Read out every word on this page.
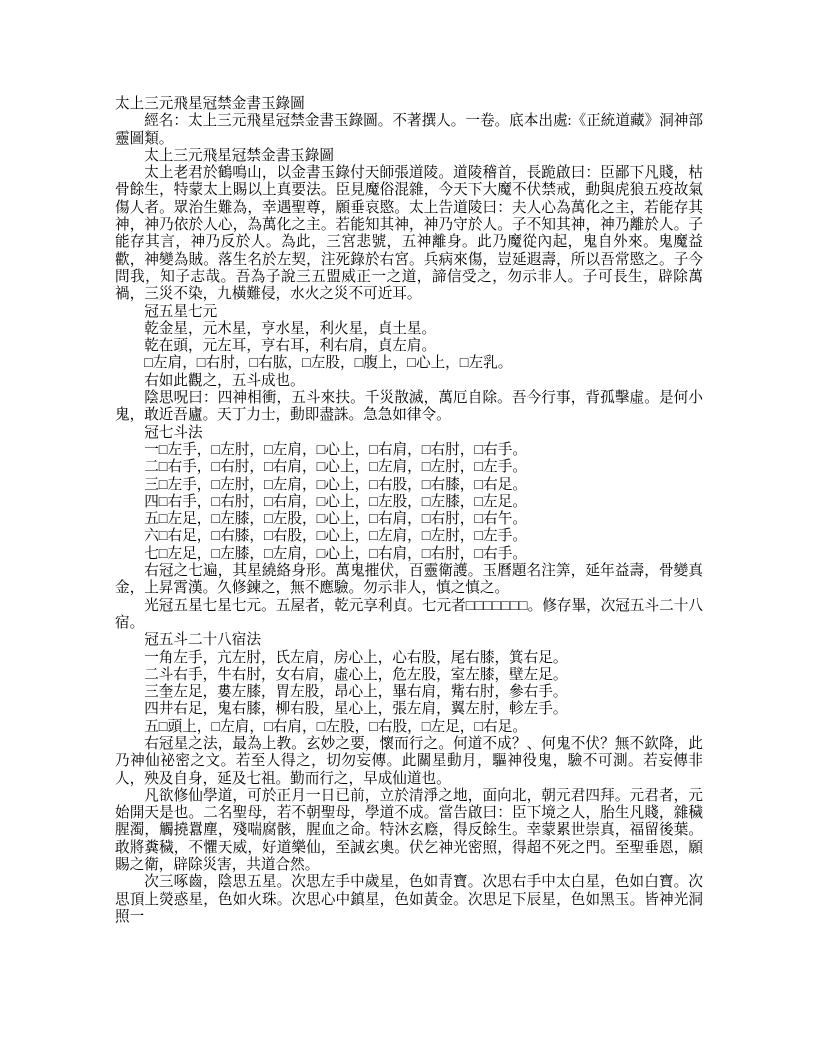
太上三元飛星冠禁金書玉錄圖

經名：太上三元飛星冠禁金書玉錄圖。不著撰人。一卷。底本出處:《正統道藏》洞神部靈圖類。

太上三元飛星冠禁金書玉錄圖

太上老君於鶴鳴山，以金書玉錄付天師張道陵。道陵稽首，長跪啟曰：臣鄙下凡賤，枯骨餘生，特蒙太上賜以上真要法。臣見魔俗混雜，今天下大魔不伏禁戒，動與虎狼五疫故氣傷人者。眾治生難為，幸遇聖尊，願垂哀愍。太上告道陵曰：夫人心為萬化之主，若能存其神，神乃依於人心，為萬化之主。若能知其神，神乃守於人。子不知其神，神乃離於人。子能存其言，神乃反於人。為此，三宮悲號，五神離身。此乃魔從內起，鬼自外來。鬼魔益歡，神變為賊。落生名於左契，注死錄於右宮。兵病來傷，豈延遐壽，所以吾常愍之。子今問我，知子志哉。吾為子說三五盟威正一之道，諦信受之，勿示非人。子可長生，辟除萬禍，三災不染，九橫難侵，水火之災不可近耳。

冠五星七元

乾金星，元木星，亨水星，利火星，貞土星。

乾在頭，元左耳，亨右耳，利右肩，貞左肩。

□左肩，□右肘，□右肱，□左股，□腹上，□心上，□左乳。

右如此觀之，五斗成也。

陰思呪曰：四神相衝，五斗來扶。千災散滅，萬厄自除。吾今行事，背孤擊虛。是何小鬼，敢近吾廬。天丁力士，動即盡誅。急急如律令。

冠七斗法

一□左手，□左肘，□左肩，□心上，□右肩，□右肘，□右手。

二□右手，□右肘，□右肩，□心上，□左肩，□左肘，□左手。

三□左手，□左肘，□左肩，□心上，□右股，□右膝，□右足。

四□右手，□右肘，□右肩，□心上，□左股，□左膝，□左足。

五□左足，□左膝，□左股，□心上，□右肩，□右肘，□右午。

六□右足，□右膝，□右股，□心上，□左肩，□左肘，□左手。

七□左足，□左膝，□左肩，□心上，□右肩，□右肘，□右手。

右冠之七遍，其星繞絡身形。萬鬼摧伏，百靈衛護。玉曆題名注筭，延年益壽，骨變真金，上昇霄漢。久修鍊之，無不應驗。勿示非人，慎之慎之。

光冠五星七星七元。五屋者，乾元享利貞。七元者□□□□□□□。修存畢，次冠五斗二十八宿。

冠五斗二十八宿法

一角左手，亢左肘，氏左肩，房心上，心右股，尾右膝，箕右足。

二斗右手，牛右肘，女右肩，虛心上，危左股，室左膝，壁左足。

三奎左足，婁左膝，胃左股，昂心上，畢右肩，觜右肘，參右手。

四井右足，鬼右膝，柳右股，星心上，張左肩，翼左肘，軫左手。

五□頭上，□左肩，□右肩，□左股，□右股，□左足，□右足。

右冠星之法，最為上教。玄妙之要，懷而行之。何道不成？、何鬼不伏？無不欽降，此乃神仙祕密之文。若至人得之，切勿妄傳。此關星動月，驅神役鬼，驗不可測。若妄傳非人，殃及自身，延及七祖。勤而行之，早成仙道也。

凡欲修仙學道，可於正月一日已前，立於清淨之地，面向北，朝元君四拜。元君者，元始開天是也。二名聖母，若不朝聖母，學道不成。當告啟曰：臣下境之人，胎生凡賤，雜穢腥濁，觸撓囂塵，殘喘腐骸，腥血之命。特沐玄廕，得反餘生。幸蒙累世崇真，福留後葉。敢將糞穢，不懼天威，好道樂仙，至誠玄奧。伏乞神光密照，得超不死之門。至聖垂恩，願賜之衛，辟除災害，共道合然。

次三啄齒，陰思五星。次思左手中歲星，色如青寶。次思右手中太白星，色如白寶。次思頂上熒惑星，色如火珠。次思心中鎮星，色如黃金。次思足下辰星，色如黑玉。皆神光洞照一
